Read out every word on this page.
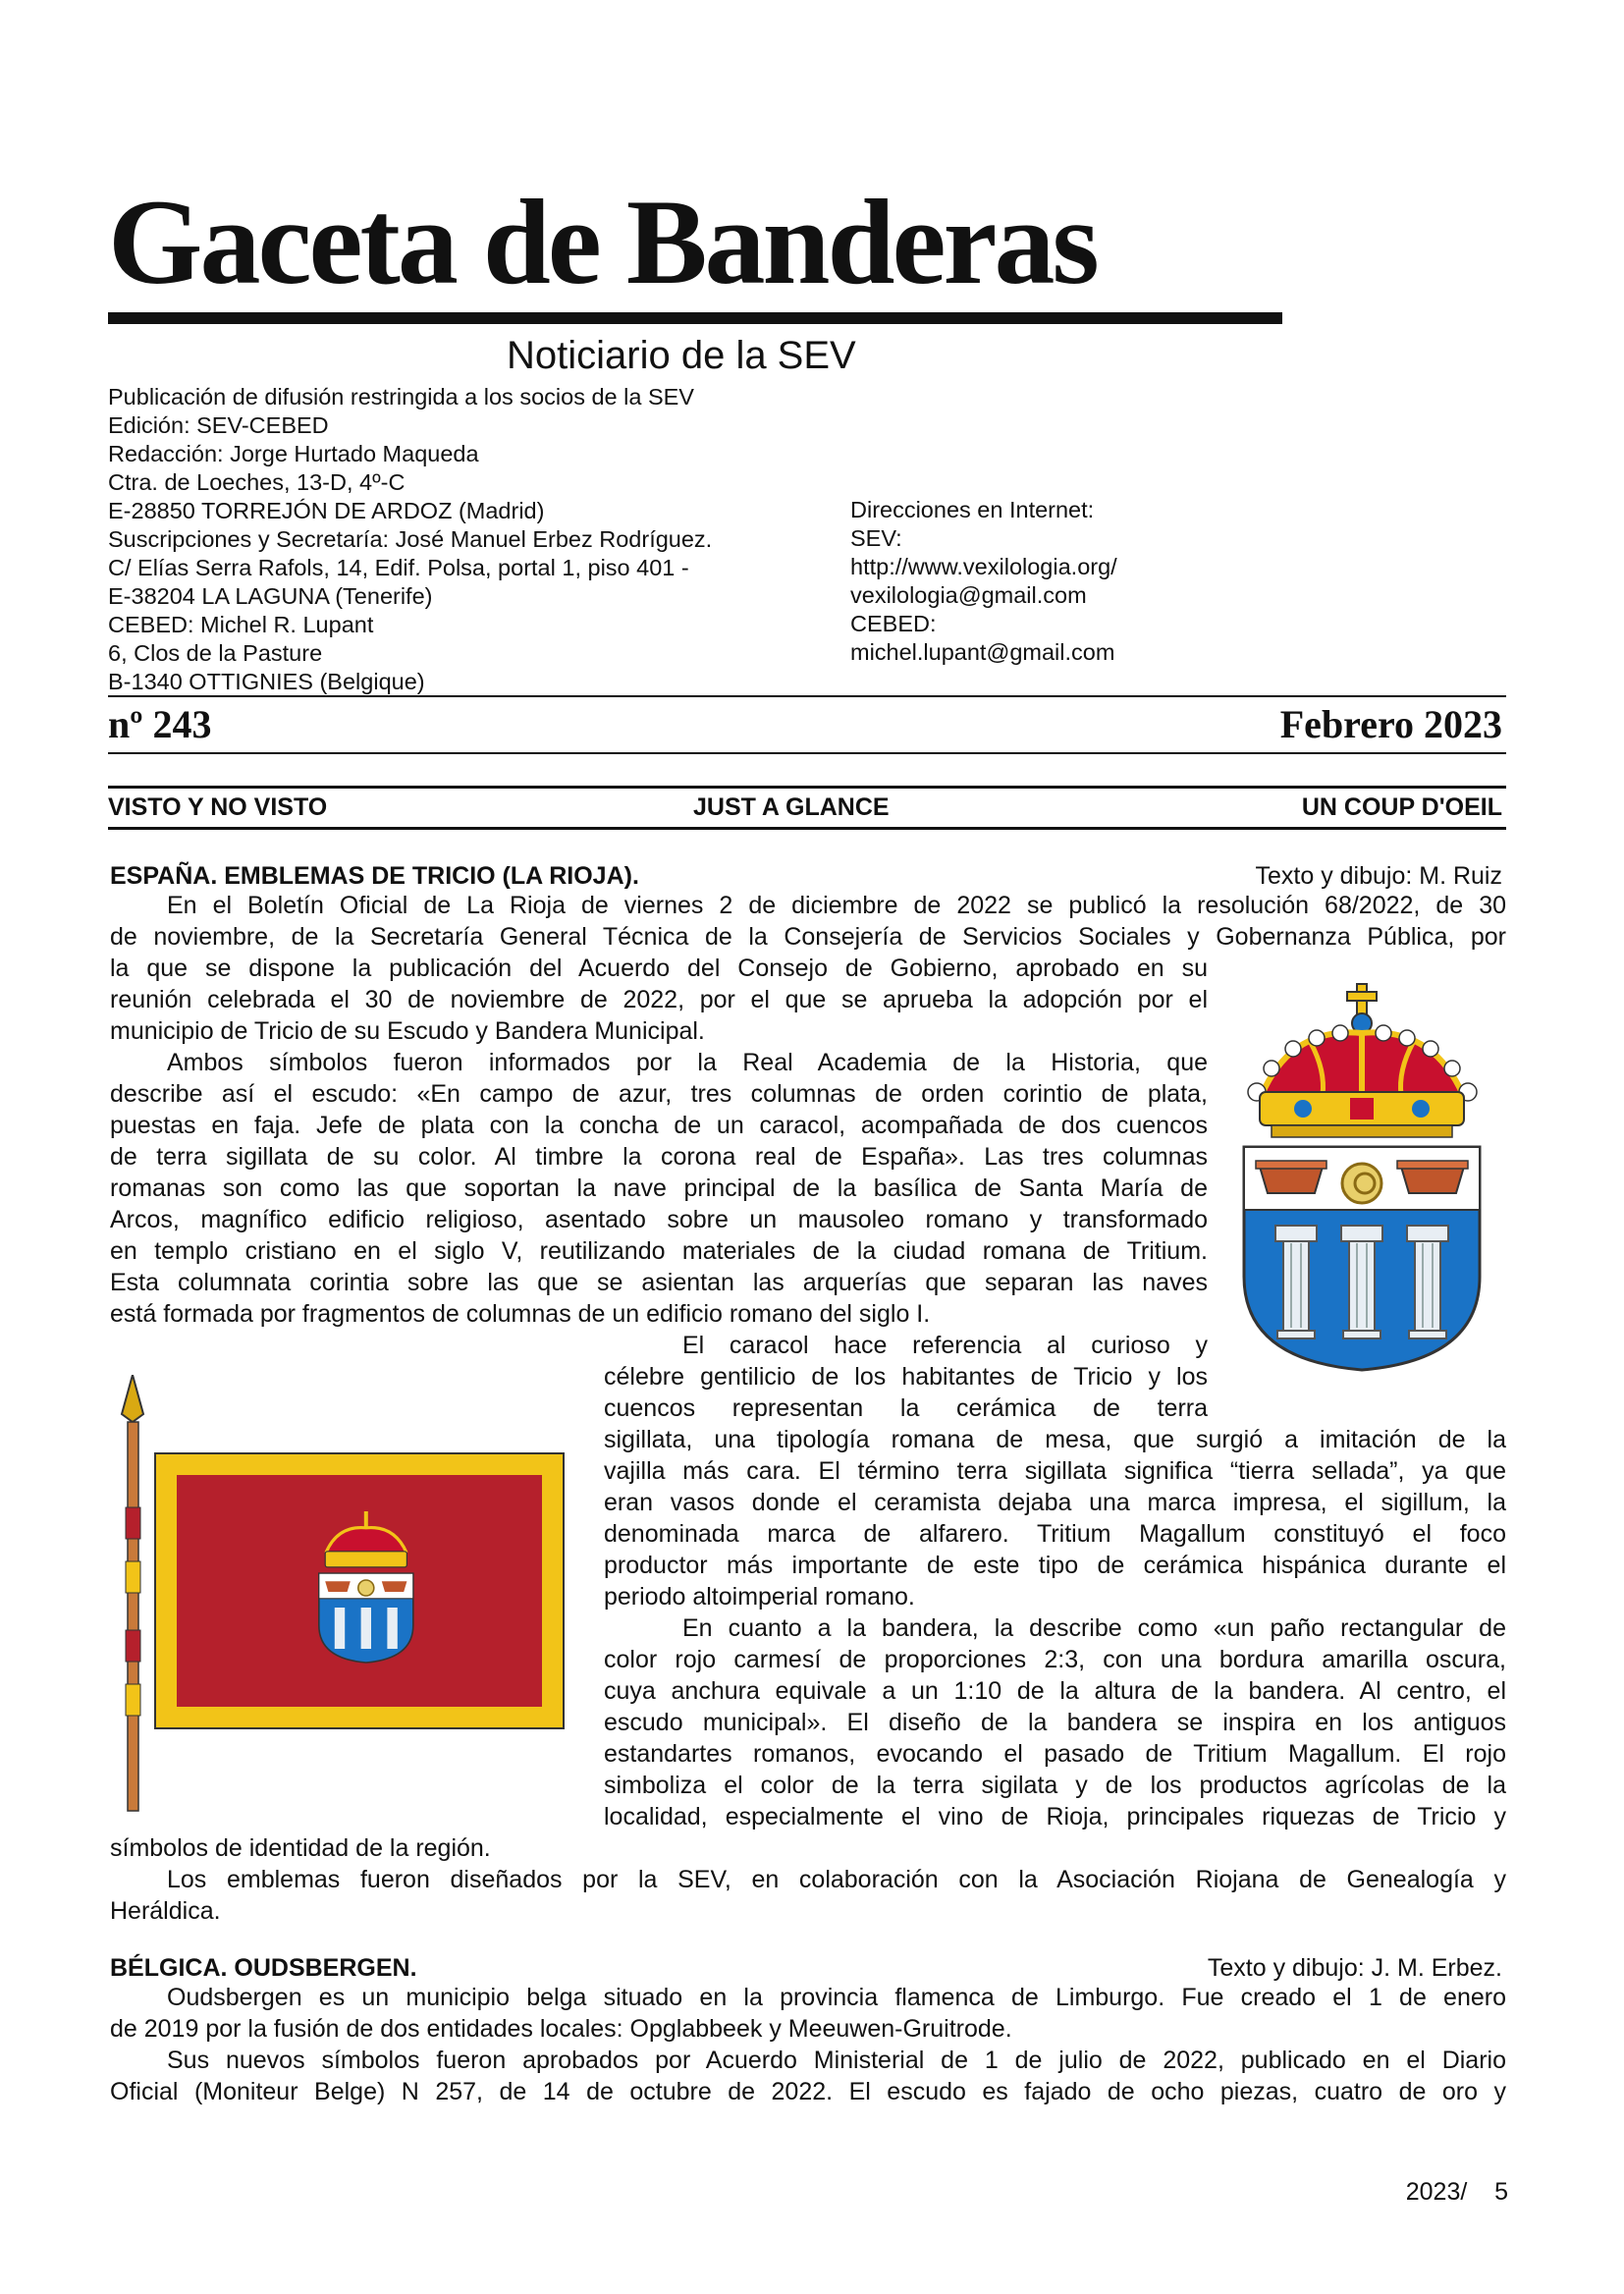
Gaceta de Banderas
Noticiario de la SEV
Publicación de difusión restringida a los socios de la SEV
Edición: SEV-CEBED
Redacción: Jorge Hurtado Maqueda
Ctra. de Loeches, 13-D, 4º-C
E-28850 TORREJÓN DE ARDOZ (Madrid)
Suscripciones y Secretaría: José Manuel Erbez Rodríguez.
C/ Elías Serra Rafols, 14, Edif. Polsa, portal 1, piso 401 -
E-38204 LA LAGUNA (Tenerife)
CEBED: Michel R. Lupant
6, Clos de la Pasture
B-1340 OTTIGNIES (Belgique)
Direcciones en Internet:
SEV:
http://www.vexilologia.org/
vexilologia@gmail.com
CEBED:
michel.lupant@gmail.com
nº 243	Febrero 2023
VISTO Y NO VISTO	JUST A GLANCE	UN COUP D'OEIL
ESPAÑA. EMBLEMAS DE TRICIO (LA RIOJA).	Texto y dibujo: M. Ruiz
En el Boletín Oficial de La Rioja de viernes 2 de diciembre de 2022 se publicó la resolución 68/2022, de 30
de noviembre, de la Secretaría General Técnica de la Consejería de Servicios Sociales y Gobernanza Pública, por
la que se dispone la publicación del Acuerdo del Consejo de Gobierno, aprobado en su
reunión celebrada el 30 de noviembre de 2022, por el que se aprueba la adopción por el
municipio de Tricio de su Escudo y Bandera Municipal.
Ambos símbolos fueron informados por la Real Academia de la Historia, que
describe así el escudo: «En campo de azur, tres columnas de orden corintio de plata,
puestas en faja. Jefe de plata con la concha de un caracol, acompañada de dos cuencos
de terra sigillata de su color. Al timbre la corona real de España». Las tres columnas
romanas son como las que soportan la nave principal de la basílica de Santa María de
Arcos, magnífico edificio religioso, asentado sobre un mausoleo romano y transformado
en templo cristiano en el siglo V, reutilizando materiales de la ciudad romana de Tritium.
Esta columnata corintia sobre las que se asientan las arquerías que separan las naves
está formada por fragmentos de columnas de un edificio romano del siglo I.
El caracol hace referencia al curioso y
célebre gentilicio de los habitantes de Tricio y los
cuencos representan la cerámica de terra
sigillata, una tipología romana de mesa, que surgió a imitación de la
vajilla más cara. El término terra sigillata significa “tierra sellada”, ya que
eran vasos donde el ceramista dejaba una marca impresa, el sigillum, la
denominada marca de alfarero. Tritium Magallum constituyó el foco
productor más importante de este tipo de cerámica hispánica durante el
periodo altoimperial romano.
En cuanto a la bandera, la describe como «un paño rectangular de
color rojo carmesí de proporciones 2:3, con una bordura amarilla oscura,
cuya anchura equivale a un 1:10 de la altura de la bandera. Al centro, el
escudo municipal». El diseño de la bandera se inspira en los antiguos
estandartes romanos, evocando el pasado de Tritium Magallum. El rojo
simboliza el color de la terra sigilata y de los productos agrícolas de la
localidad, especialmente el vino de Rioja, principales riquezas de Tricio y
símbolos de identidad de la región.
Los emblemas fueron diseñados por la SEV, en colaboración con la Asociación Riojana de Genealogía y
Heráldica.
BÉLGICA. OUDSBERGEN.	Texto y dibujo: J. M. Erbez.
Oudsbergen es un municipio belga situado en la provincia flamenca de Limburgo. Fue creado el 1 de enero
de 2019 por la fusión de dos entidades locales: Opglabbeek y Meeuwen-Gruitrode.
Sus nuevos símbolos fueron aprobados por Acuerdo Ministerial de 1 de julio de 2022, publicado en el Diario
Oficial (Moniteur Belge) N 257, de 14 de octubre de 2022. El escudo es fajado de ocho piezas, cuatro de oro y
2023/    5
